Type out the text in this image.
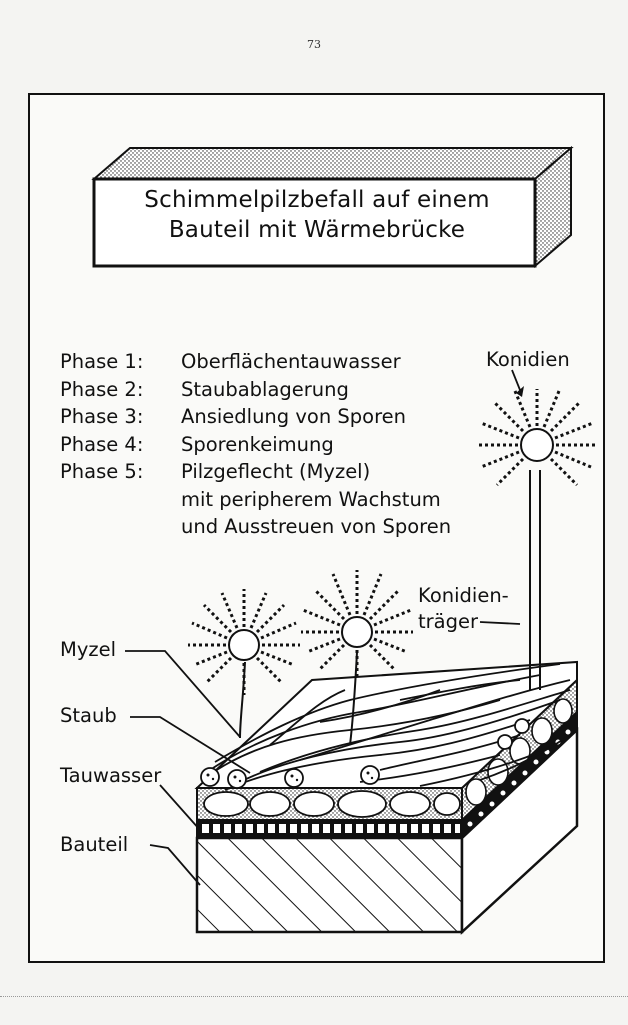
73
Schimmelpilzbefall auf einem
Bauteil mit Wärmebrücke
Phase 1:	Oberflächentauwasser
Phase 2:	Staubablagerung
Phase 3:	Ansiedlung von Sporen
Phase 4:	Sporenkeimung
Phase 5:	Pilzgeflecht (Myzel)
mit peripherem Wachstum
und Ausstreuen von Sporen
Konidien
Konidien-
träger
Myzel
Staub
Tauwasser
Bauteil
